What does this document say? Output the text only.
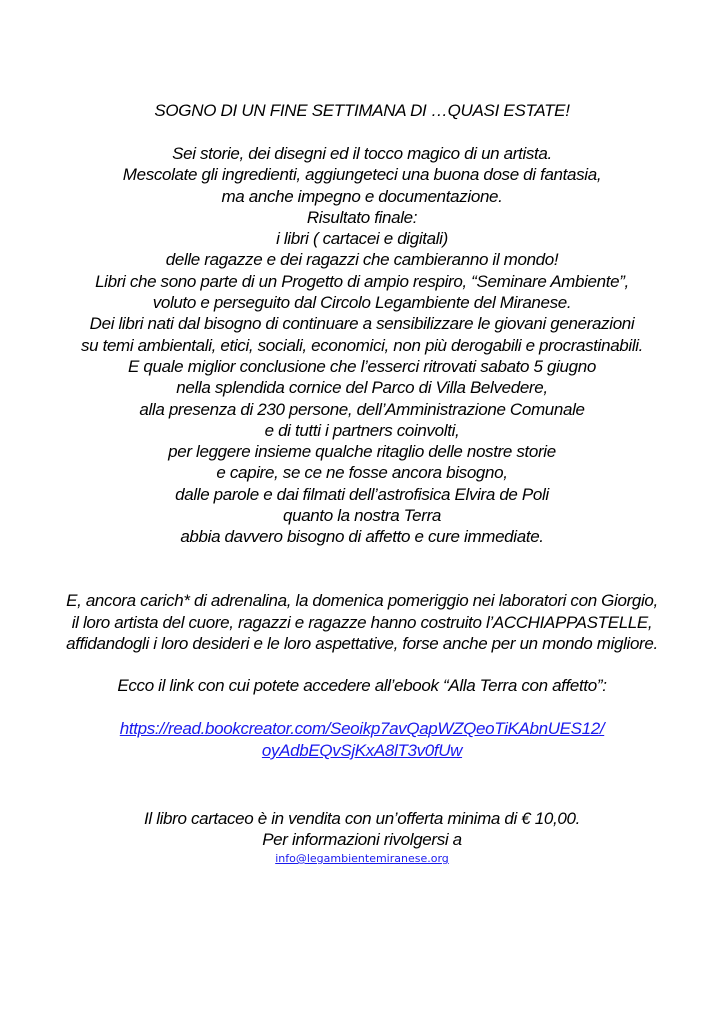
SOGNO DI UN FINE SETTIMANA DI …QUASI ESTATE!
Sei storie, dei disegni ed il tocco magico di un artista.
Mescolate gli ingredienti, aggiungeteci una buona dose di fantasia,
ma anche impegno e documentazione.
Risultato finale:
i libri ( cartacei e digitali)
delle ragazze e dei ragazzi che cambieranno il mondo!
Libri che sono parte di un Progetto di ampio respiro, “Seminare Ambiente”,
voluto e perseguito dal Circolo Legambiente del Miranese.
Dei libri nati dal bisogno di continuare a sensibilizzare le giovani generazioni
su temi ambientali, etici, sociali, economici, non più derogabili e procrastinabili.
E quale miglior conclusione che l’esserci ritrovati sabato 5 giugno
nella splendida cornice del Parco di Villa Belvedere,
alla presenza di 230 persone, dell’Amministrazione Comunale
e di tutti i partners coinvolti,
per leggere insieme qualche ritaglio delle nostre storie
e capire, se ce ne fosse ancora bisogno,
dalle parole e dai filmati dell’astrofisica Elvira de Poli
quanto la nostra Terra
abbia davvero bisogno di affetto e cure immediate.
E, ancora carich* di adrenalina, la domenica pomeriggio nei laboratori con Giorgio,
il loro artista del cuore, ragazzi e ragazze hanno costruito l’ACCHIAPPASTELLE,
affidandogli i loro desideri e le loro aspettative, forse anche per un mondo migliore.
Ecco il link con cui potete accedere all’ebook “Alla Terra con affetto”:
https://read.bookcreator.com/Seoikp7avQapWZQeoTiKAbnUES12/
oyAdbEQvSjKxA8lT3v0fUw
Il libro cartaceo è in vendita con un’offerta minima di € 10,00.
Per informazioni rivolgersi a
info@legambientemiranese.org
